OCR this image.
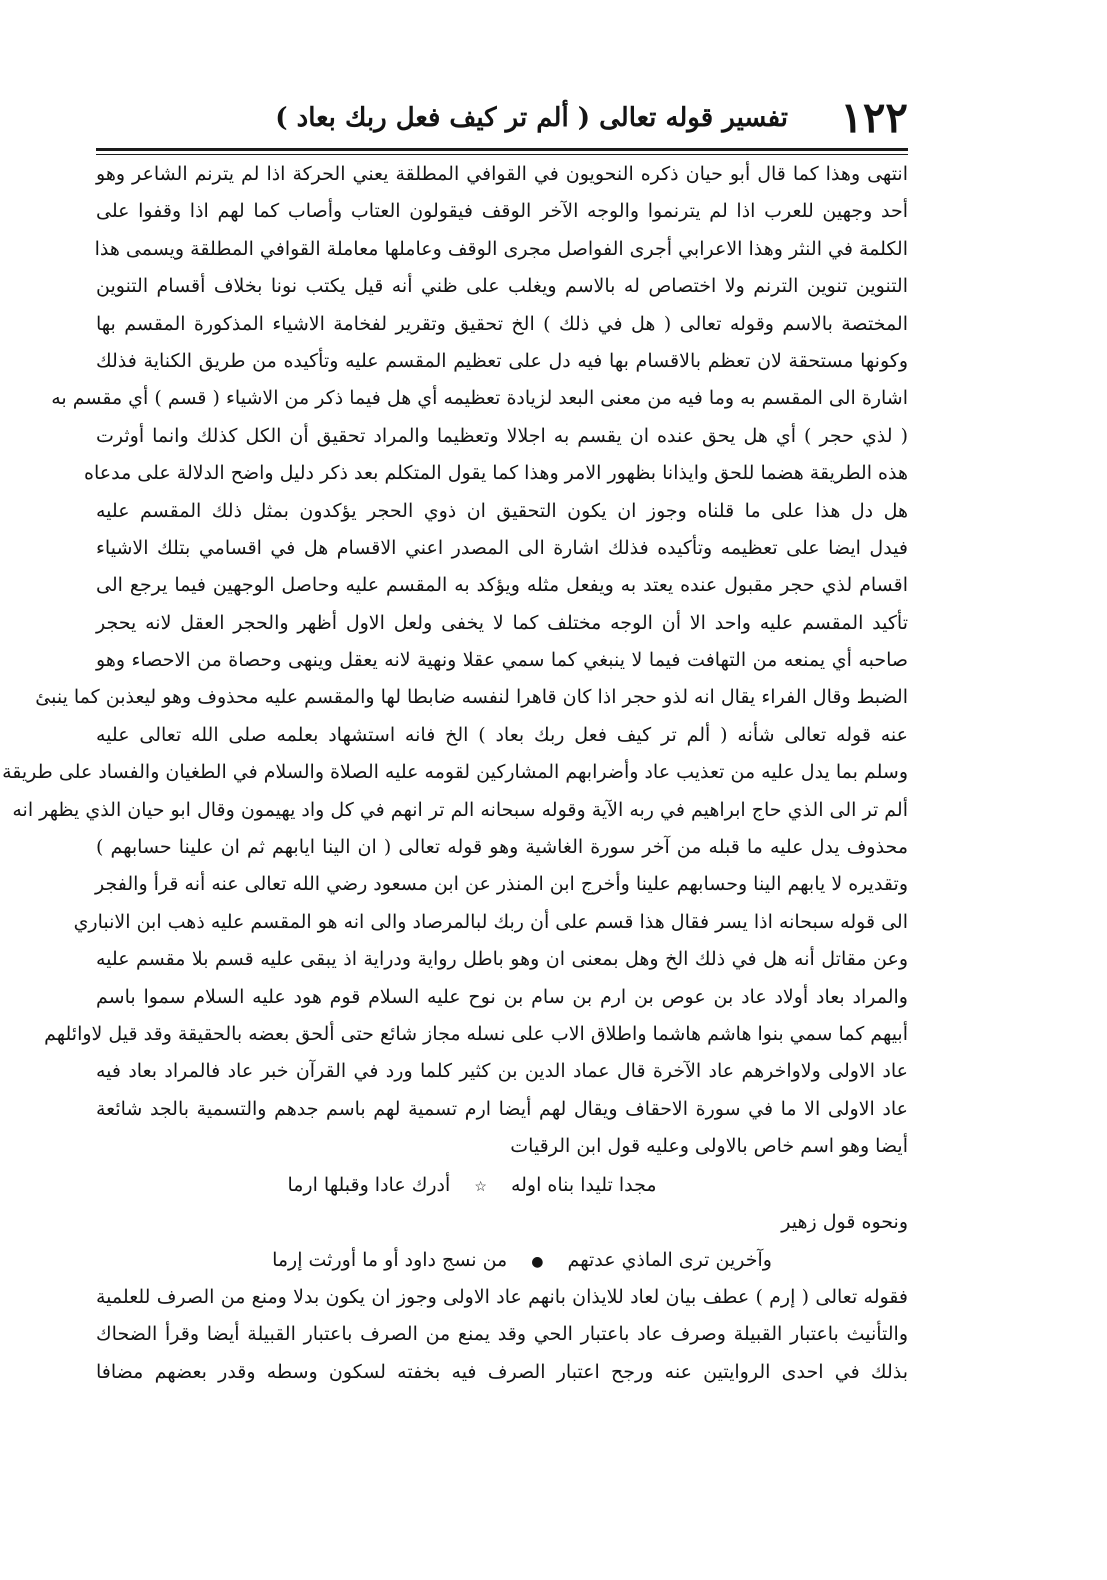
١٢٢
تفسير قوله تعالى ( ألم تر كيف فعل ربك بعاد )
انتهى وهذا كما قال أبو حيان ذكره النحويون في القوافي المطلقة يعني الحركة اذا لم يترنم الشاعر وهو
أحد وجهين للعرب اذا لم يترنموا والوجه الآخر الوقف فيقولون العتاب وأصاب كما لهم اذا وقفوا على
الكلمة في النثر وهذا الاعرابي أجرى الفواصل مجرى الوقف وعاملها معاملة القوافي المطلقة ويسمى هذا
التنوين تنوين الترنم ولا اختصاص له بالاسم ويغلب على ظني أنه قيل يكتب نونا بخلاف أقسام التنوين
المختصة بالاسم وقوله تعالى ( هل في ذلك ) الخ تحقيق وتقرير لفخامة الاشياء المذكورة المقسم بها
وكونها مستحقة لان تعظم بالاقسام بها فيه دل على تعظيم المقسم عليه وتأكيده من طريق الكناية فذلك
اشارة الى المقسم به وما فيه من معنى البعد لزيادة تعظيمه أي هل فيما ذكر من الاشياء ( قسم ) أي مقسم به
( لذي حجر ) أي هل يحق عنده ان يقسم به اجلالا وتعظيما والمراد تحقيق أن الكل كذلك وانما أوثرت
هذه الطريقة هضما للحق وايذانا بظهور الامر وهذا كما يقول المتكلم بعد ذكر دليل واضح الدلالة على مدعاه
هل دل هذا على ما قلناه وجوز ان يكون التحقيق ان ذوي الحجر يؤكدون بمثل ذلك المقسم عليه
فيدل ايضا على تعظيمه وتأكيده فذلك اشارة الى المصدر اعني الاقسام هل في اقسامي بتلك الاشياء
اقسام لذي حجر مقبول عنده يعتد به ويفعل مثله ويؤكد به المقسم عليه وحاصل الوجهين فيما يرجع الى
تأكيد المقسم عليه واحد الا أن الوجه مختلف كما لا يخفى ولعل الاول أظهر والحجر العقل لانه يحجر
صاحبه أي يمنعه من التهافت فيما لا ينبغي كما سمي عقلا ونهية لانه يعقل وينهى وحصاة من الاحصاء وهو
الضبط وقال الفراء يقال انه لذو حجر اذا كان قاهرا لنفسه ضابطا لها والمقسم عليه محذوف وهو ليعذبن كما ينبئ
عنه قوله تعالى شأنه ( ألم تر كيف فعل ربك بعاد ) الخ فانه استشهاد بعلمه صلى الله تعالى عليه
وسلم بما يدل عليه من تعذيب عاد وأضرابهم المشاركين لقومه عليه الصلاة والسلام في الطغيان والفساد على طريقة
ألم تر الى الذي حاج ابراهيم في ربه الآية وقوله سبحانه الم تر انهم في كل واد يهيمون وقال ابو حيان الذي يظهر انه
محذوف يدل عليه ما قبله من آخر سورة الغاشية وهو قوله تعالى ( ان الينا ايابهم ثم ان علينا حسابهم )
وتقديره لا يابهم الينا وحسابهم علينا وأخرج ابن المنذر عن ابن مسعود رضي الله تعالى عنه أنه قرأ والفجر
الى قوله سبحانه اذا يسر فقال هذا قسم على أن ربك لبالمرصاد والى انه هو المقسم عليه ذهب ابن الانباري
وعن مقاتل أنه هل في ذلك الخ وهل بمعنى ان وهو باطل رواية ودراية اذ يبقى عليه قسم بلا مقسم عليه
والمراد بعاد أولاد عاد بن عوص بن ارم بن سام بن نوح عليه السلام قوم هود عليه السلام سموا باسم
أبيهم كما سمي بنوا هاشم هاشما واطلاق الاب على نسله مجاز شائع حتى ألحق بعضه بالحقيقة وقد قيل لاوائلهم
عاد الاولى ولاواخرهم عاد الآخرة قال عماد الدين بن كثير كلما ورد في القرآن خبر عاد فالمراد بعاد فيه
عاد الاولى الا ما في سورة الاحقاف ويقال لهم أيضا ارم تسمية لهم باسم جدهم والتسمية بالجد شائعة
أيضا وهو اسم خاص بالاولى وعليه قول ابن الرقيات
مجدا تليدا بناه اوله ☆ أدرك عادا وقبلها ارما
ونحوه قول زهير
وآخرين ترى الماذي عدتهم ● من نسج داود أو ما أورثت إرما
فقوله تعالى ( إرم ) عطف بيان لعاد للايذان بانهم عاد الاولى وجوز ان يكون بدلا ومنع من الصرف للعلمية
والتأنيث باعتبار القبيلة وصرف عاد باعتبار الحي وقد يمنع من الصرف باعتبار القبيلة أيضا وقرأ الضحاك
بذلك في احدى الروايتين عنه ورجح اعتبار الصرف فيه بخفته لسكون وسطه وقدر بعضهم مضافا
